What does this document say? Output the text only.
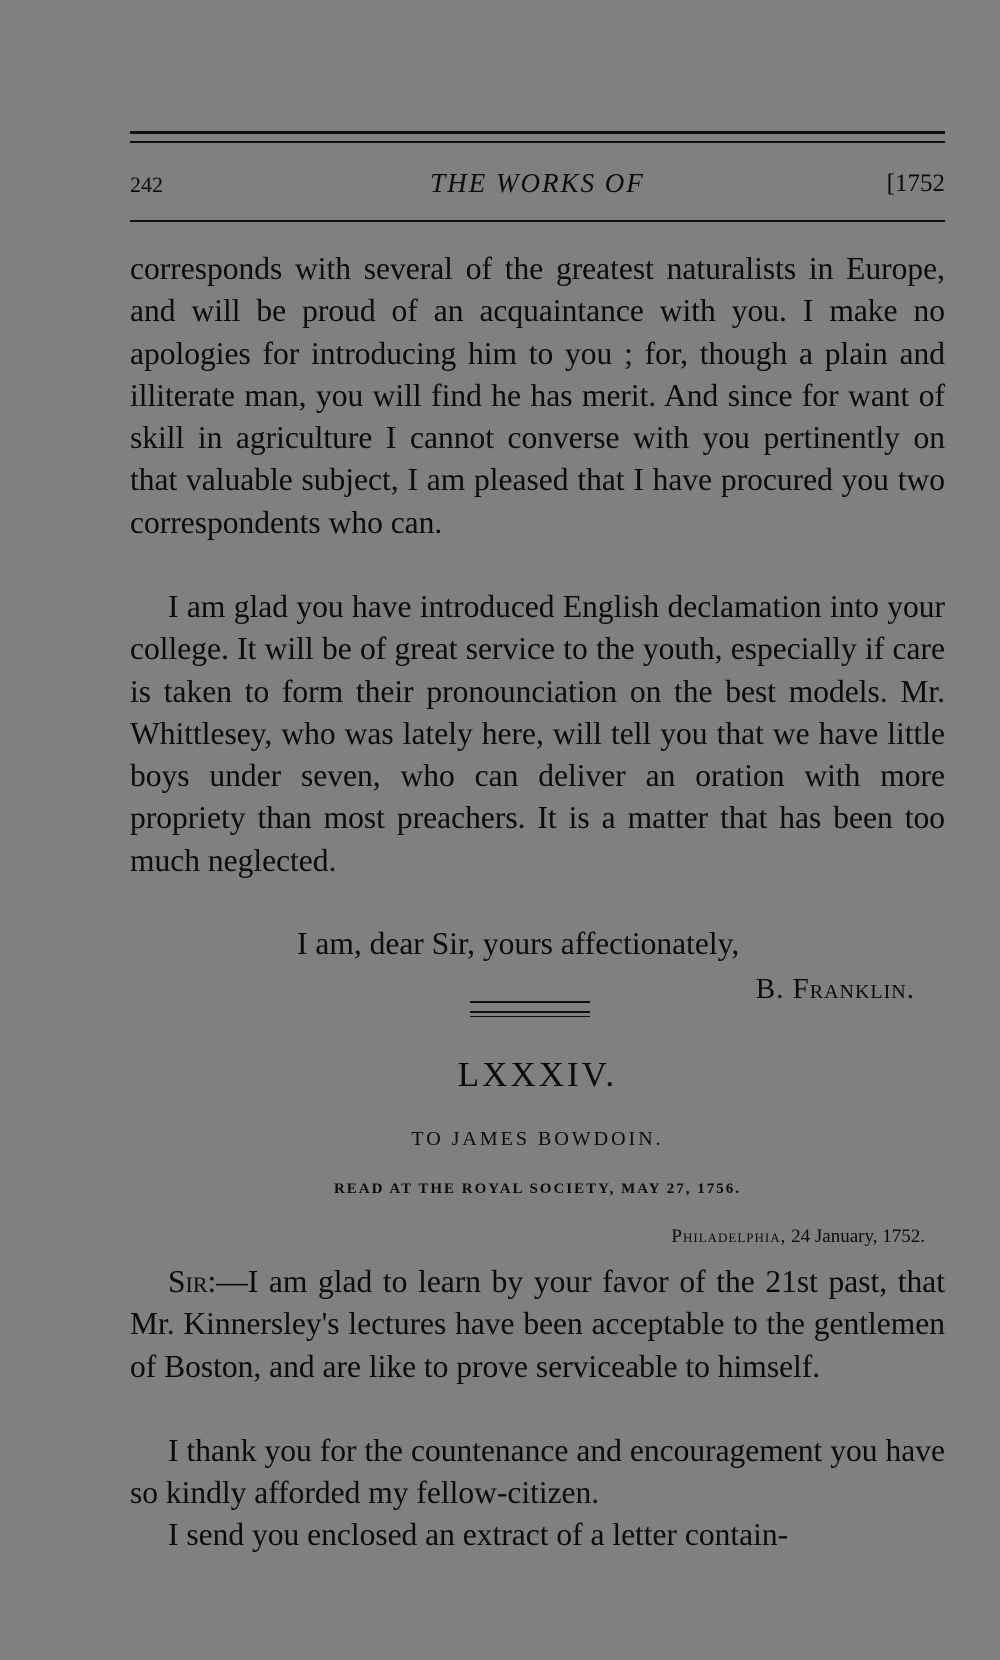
242	THE WORKS OF	[1752

corresponds with several of the greatest naturalists in Europe, and will be proud of an acquaintance with you. I make no apologies for introducing him to you ; for, though a plain and illiterate man, you will find he has merit. And since for want of skill in agriculture I cannot converse with you pertinently on that valuable subject, I am pleased that I have procured you two correspondents who can.

I am glad you have introduced English declamation into your college. It will be of great service to the youth, especially if care is taken to form their pronounciation on the best models. Mr. Whittlesey, who was lately here, will tell you that we have little boys under seven, who can deliver an oration with more propriety than most preachers. It is a matter that has been too much neglected.

I am, dear Sir, yours affectionately,
B. Franklin.
LXXXIV.
TO JAMES BOWDOIN.
READ AT THE ROYAL SOCIETY, MAY 27, 1756.
Philadelphia, 24 January, 1752.

Sir:—I am glad to learn by your favor of the 21st past, that Mr. Kinnersley's lectures have been acceptable to the gentlemen of Boston, and are like to prove serviceable to himself.

I thank you for the countenance and encouragement you have so kindly afforded my fellow-citizen.

I send you enclosed an extract of a letter contain-
